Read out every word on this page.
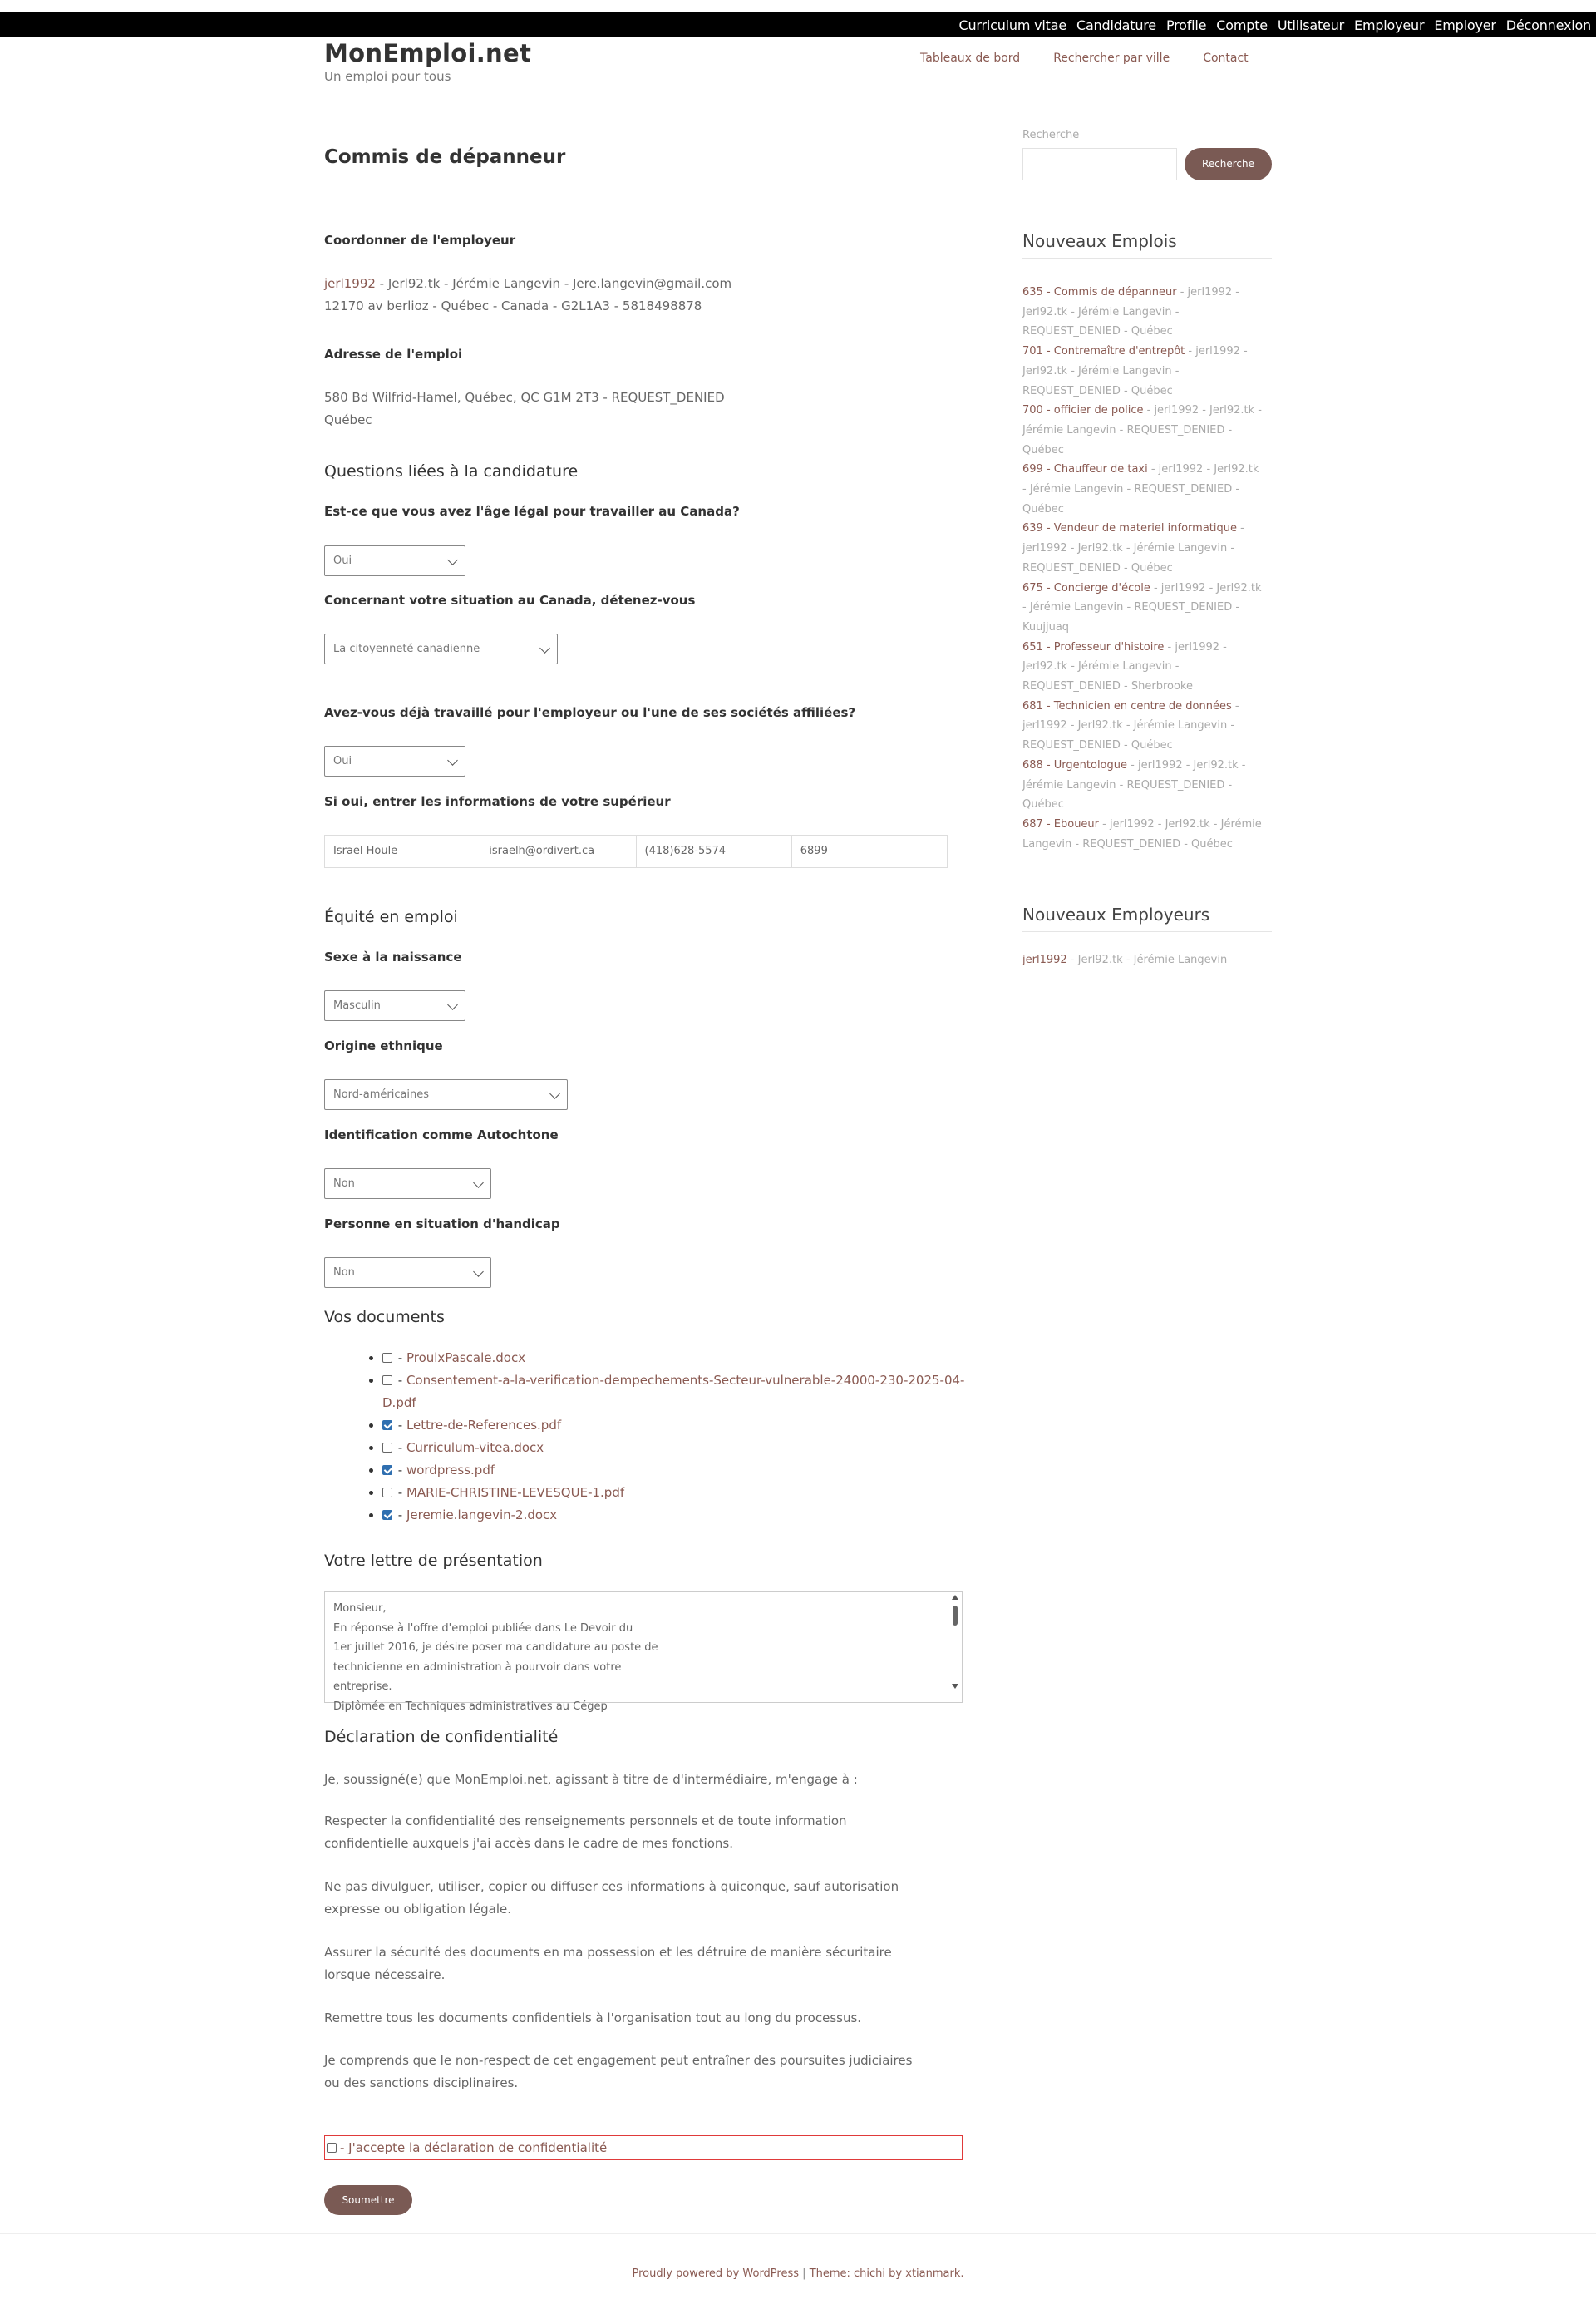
Curriculum vitae Candidature Profile Compte Utilisateur Employeur Employer Déconnexion
MonEmploi.net
Un emploi pour tous
Tableaux de bord	Rechercher par ville	Contact
Commis de dépanneur
Coordonner de l'employeur
jerl1992 - Jerl92.tk - Jérémie Langevin - Jere.langevin@gmail.com
12170 av berlioz - Québec - Canada - G2L1A3 - 5818498878
Adresse de l'emploi
580 Bd Wilfrid-Hamel, Québec, QC G1M 2T3 - REQUEST_DENIED
Québec
Questions liées à la candidature
Est-ce que vous avez l'âge légal pour travailler au Canada?
Oui
Concernant votre situation au Canada, détenez-vous
La citoyenneté canadienne
Avez-vous déjà travaillé pour l'employeur ou l'une de ses sociétés affiliées?
Oui
Si oui, entrer les informations de votre supérieur
Israel Houle	israelh@ordivert.ca	(418)628-5574	6899
Équité en emploi
Sexe à la naissance
Masculin
Origine ethnique
Nord-américaines
Identification comme Autochtone
Non
Personne en situation d'handicap
Non
Vos documents
• - ProulxPascale.docx
• - Consentement-a-la-verification-dempechements-Secteur-vulnerable-24000-230-2025-04-D.pdf
• - Lettre-de-References.pdf
• - Curriculum-vitea.docx
• - wordpress.pdf
• - MARIE-CHRISTINE-LEVESQUE-1.pdf
• - Jeremie.langevin-2.docx
Votre lettre de présentation
Monsieur,
En réponse à l'offre d'emploi publiée dans Le Devoir du
1er juillet 2016, je désire poser ma candidature au poste de
technicienne en administration à pourvoir dans votre
entreprise.
Diplômée en Techniques administratives au Cégep
Déclaration de confidentialité
Je, soussigné(e) que MonEmploi.net, agissant à titre de d'intermédiaire, m'engage à :
Respecter la confidentialité des renseignements personnels et de toute information
confidentielle auxquels j'ai accès dans le cadre de mes fonctions.
Ne pas divulguer, utiliser, copier ou diffuser ces informations à quiconque, sauf autorisation
expresse ou obligation légale.
Assurer la sécurité des documents en ma possession et les détruire de manière sécuritaire
lorsque nécessaire.
Remettre tous les documents confidentiels à l'organisation tout au long du processus.
Je comprends que le non-respect de cet engagement peut entraîner des poursuites judiciaires
ou des sanctions disciplinaires.
- J'accepte la déclaration de confidentialité
Soumettre
Recherche
Recherche
Nouveaux Emplois
635 - Commis de dépanneur - jerl1992 - Jerl92.tk - Jérémie Langevin - REQUEST_DENIED - Québec
701 - Contremaître d'entrepôt - jerl1992 - Jerl92.tk - Jérémie Langevin - REQUEST_DENIED - Québec
700 - officier de police - jerl1992 - Jerl92.tk - Jérémie Langevin - REQUEST_DENIED - Québec
699 - Chauffeur de taxi - jerl1992 - Jerl92.tk - Jérémie Langevin - REQUEST_DENIED - Québec
639 - Vendeur de materiel informatique - jerl1992 - Jerl92.tk - Jérémie Langevin - REQUEST_DENIED - Québec
675 - Concierge d'école - jerl1992 - Jerl92.tk - Jérémie Langevin - REQUEST_DENIED - Kuujjuaq
651 - Professeur d'histoire - jerl1992 - Jerl92.tk - Jérémie Langevin - REQUEST_DENIED - Sherbrooke
681 - Technicien en centre de données - jerl1992 - Jerl92.tk - Jérémie Langevin - REQUEST_DENIED - Québec
688 - Urgentologue - jerl1992 - Jerl92.tk - Jérémie Langevin - REQUEST_DENIED - Québec
687 - Eboueur - jerl1992 - Jerl92.tk - Jérémie Langevin - REQUEST_DENIED - Québec
Nouveaux Employeurs
jerl1992 - Jerl92.tk - Jérémie Langevin
Proudly powered by WordPress | Theme: chichi by xtianmark.
